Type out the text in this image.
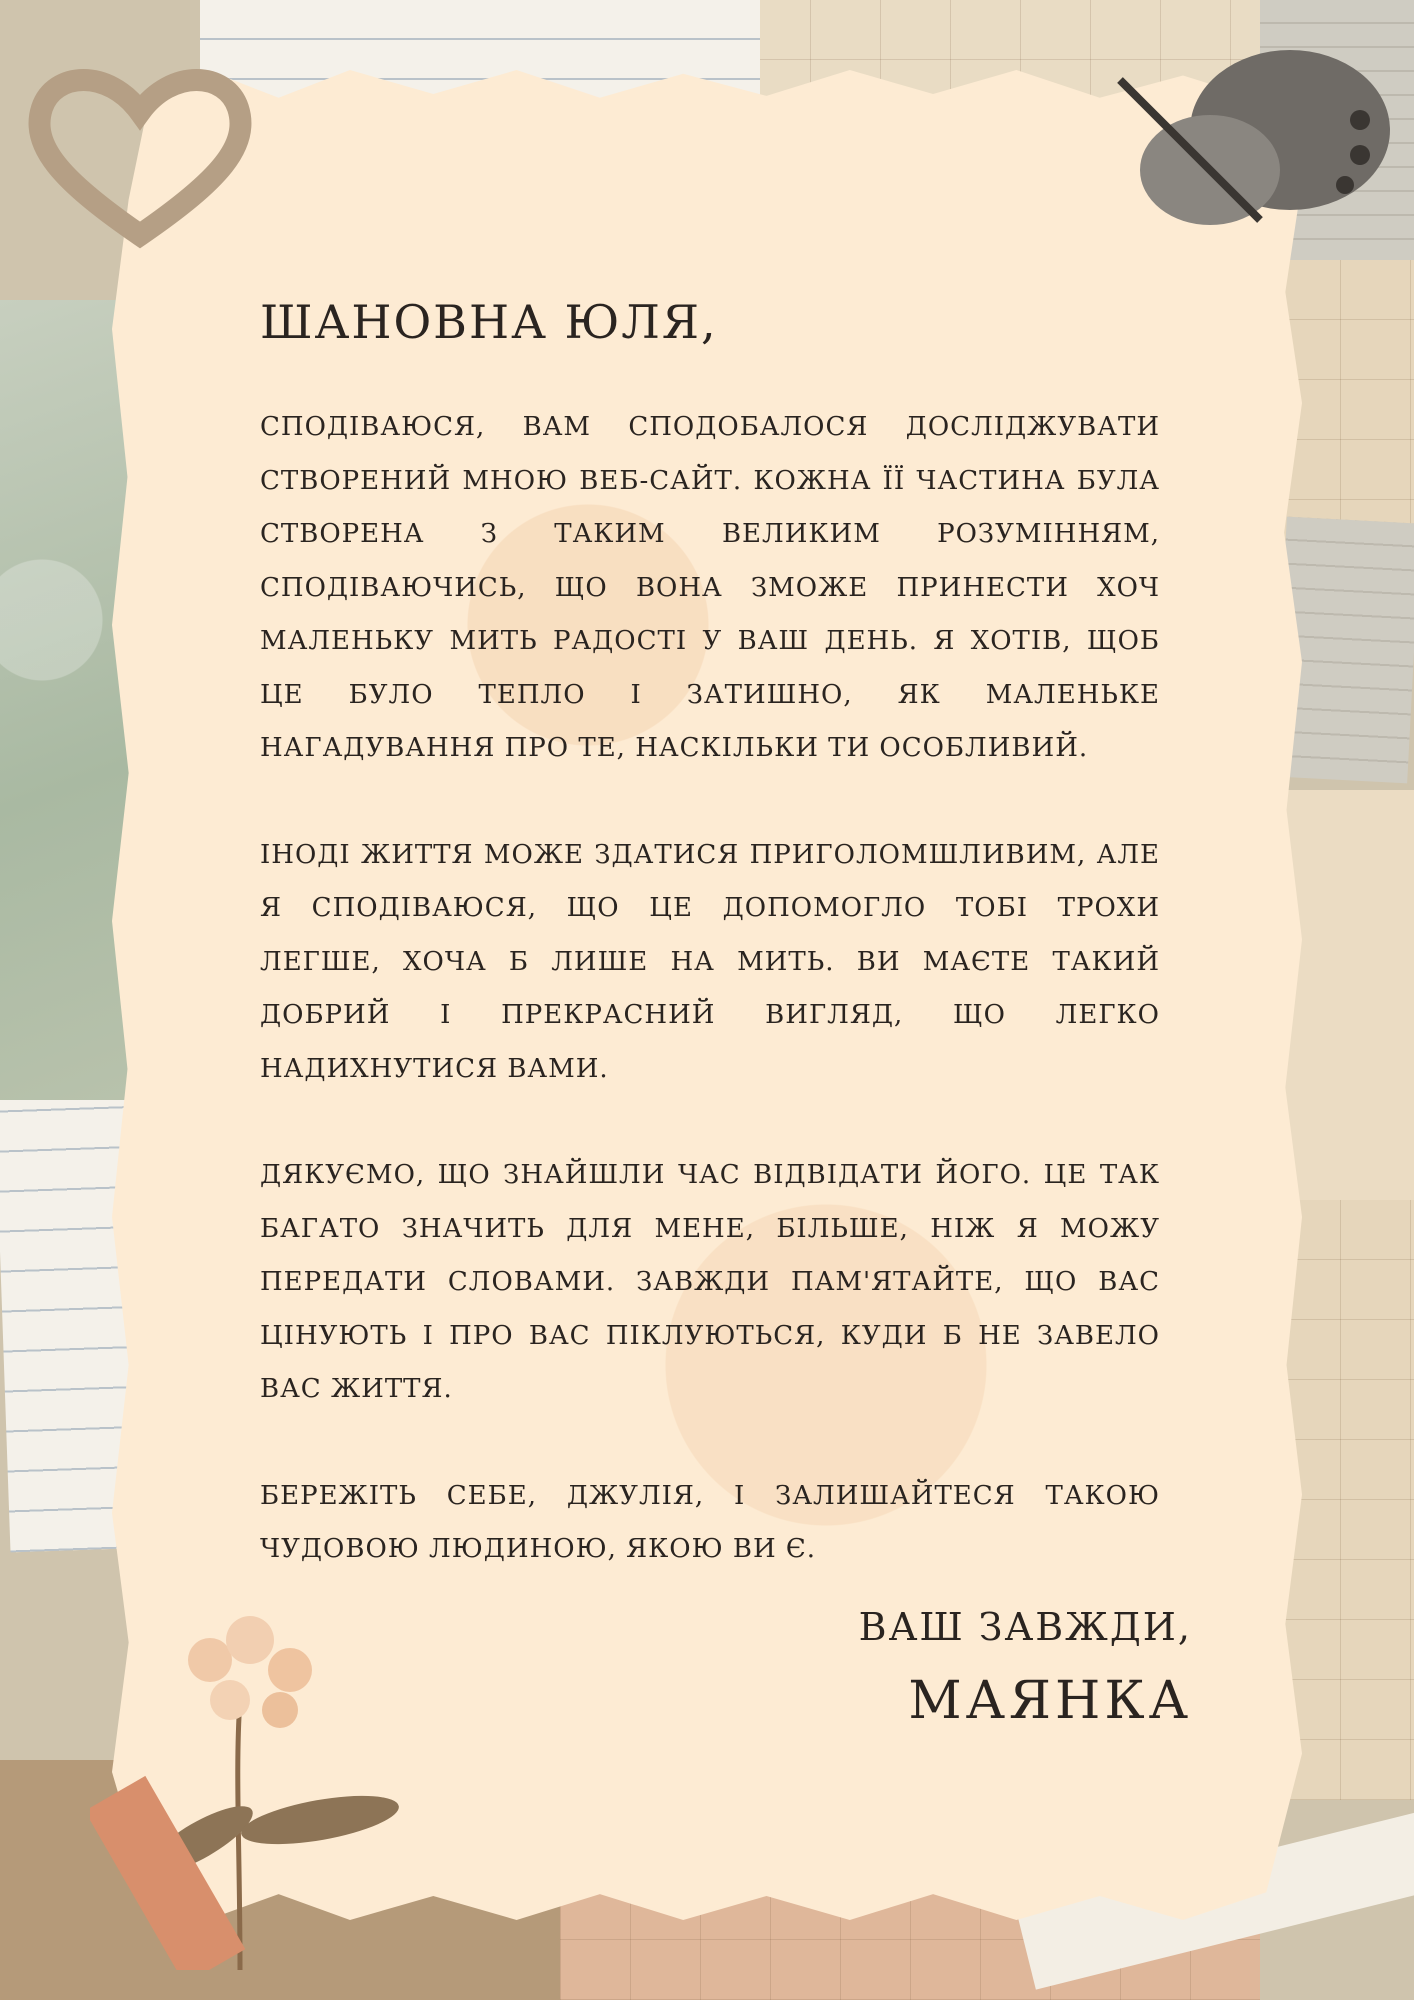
ШАНОВНА ЮЛЯ,

СПОДІВАЮСЯ, ВАМ СПОДОБАЛОСЯ ДОСЛІДЖУВАТИ СТВОРЕНИЙ МНОЮ ВЕБ-САЙТ. КОЖНА ЇЇ ЧАСТИНА БУЛА СТВОРЕНА З ТАКИМ ВЕЛИКИМ РОЗУМІННЯМ, СПОДІВАЮЧИСЬ, ЩО ВОНА ЗМОЖЕ ПРИНЕСТИ ХОЧ МАЛЕНЬКУ МИТЬ РАДОСТІ У ВАШ ДЕНЬ. Я ХОТІВ, ЩОБ ЦЕ БУЛО ТЕПЛО І ЗАТИШНО, ЯК МАЛЕНЬКЕ НАГАДУВАННЯ ПРО ТЕ, НАСКІЛЬКИ ТИ ОСОБЛИВИЙ.

ІНОДІ ЖИТТЯ МОЖЕ ЗДАТИСЯ ПРИГОЛОМШЛИВИМ, АЛЕ Я СПОДІВАЮСЯ, ЩО ЦЕ ДОПОМОГЛО ТОБІ ТРОХИ ЛЕГШЕ, ХОЧА Б ЛИШЕ НА МИТЬ. ВИ МАЄТЕ ТАКИЙ ДОБРИЙ І ПРЕКРАСНИЙ ВИГЛЯД, ЩО ЛЕГКО НАДИХНУТИСЯ ВАМИ.

ДЯКУЄМО, ЩО ЗНАЙШЛИ ЧАС ВІДВІДАТИ ЙОГО. ЦЕ ТАК БАГАТО ЗНАЧИТЬ ДЛЯ МЕНЕ, БІЛЬШЕ, НІЖ Я МОЖУ ПЕРЕДАТИ СЛОВАМИ. ЗАВЖДИ ПАМ'ЯТАЙТЕ, ЩО ВАС ЦІНУЮТЬ І ПРО ВАС ПІКЛУЮТЬСЯ, КУДИ Б НЕ ЗАВЕЛО ВАС ЖИТТЯ.

БЕРЕЖІТЬ СЕБЕ, ДЖУЛІЯ, І ЗАЛИШАЙТЕСЯ ТАКОЮ ЧУДОВОЮ ЛЮДИНОЮ, ЯКОЮ ВИ Є.

ВАШ ЗАВЖДИ,
МАЯНКА
